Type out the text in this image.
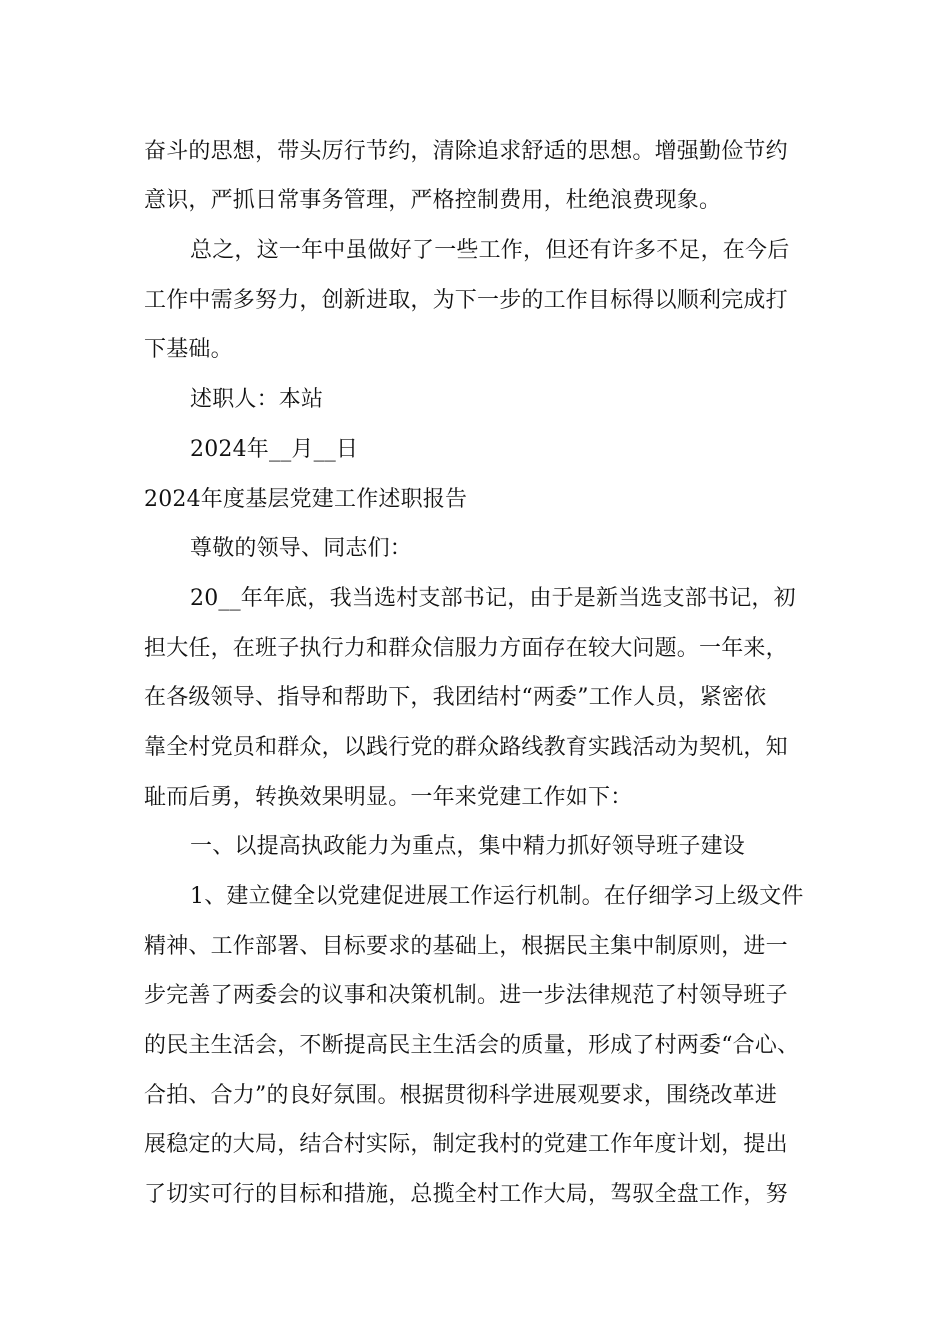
奋斗的思想，带头厉行节约，清除追求舒适的思想。增强勤俭节约
意识，严抓日常事务管理，严格控制费用，杜绝浪费现象。
总之，这一年中虽做好了一些工作，但还有许多不足，在今后
工作中需多努力，创新进取，为下一步的工作目标得以顺利完成打
下基础。
述职人：本站
2024年__月__日
2024年度基层党建工作述职报告
尊敬的领导、同志们：
20__年年底，我当选村支部书记，由于是新当选支部书记，初
担大任，在班子执行力和群众信服力方面存在较大问题。一年来，
在各级领导、指导和帮助下，我团结村“两委”工作人员，紧密依
靠全村党员和群众，以践行党的群众路线教育实践活动为契机，知
耻而后勇，转换效果明显。一年来党建工作如下：
一、以提高执政能力为重点，集中精力抓好领导班子建设
1、建立健全以党建促进展工作运行机制。在仔细学习上级文件
精神、工作部署、目标要求的基础上，根据民主集中制原则，进一
步完善了两委会的议事和决策机制。进一步法律规范了村领导班子
的民主生活会，不断提高民主生活会的质量，形成了村两委“合心、
合拍、合力”的良好氛围。根据贯彻科学进展观要求，围绕改革进
展稳定的大局，结合村实际，制定我村的党建工作年度计划，提出
了切实可行的目标和措施，总揽全村工作大局，驾驭全盘工作，努
